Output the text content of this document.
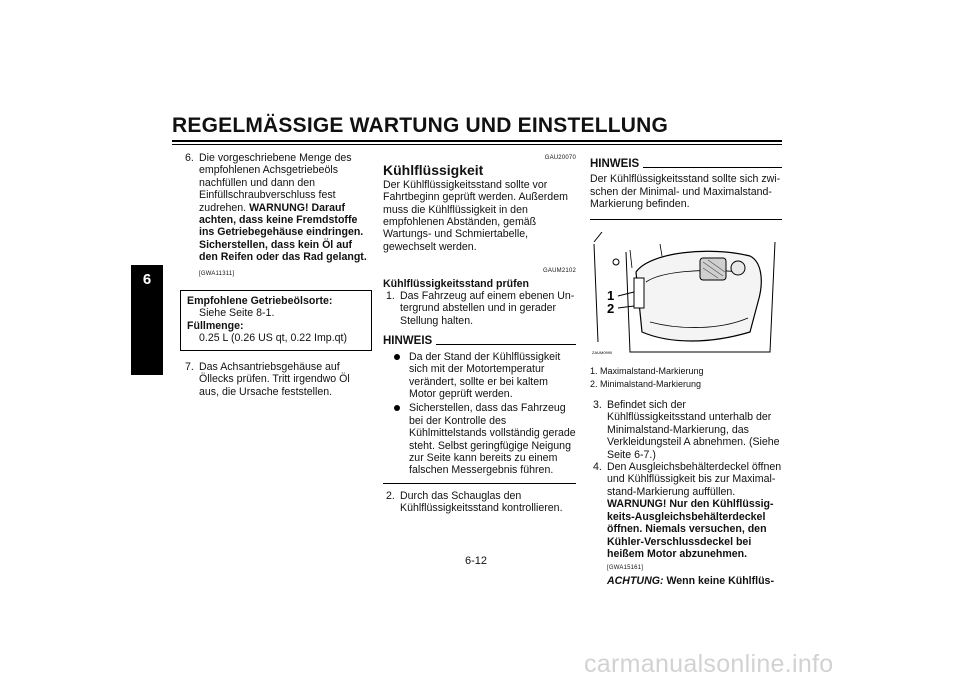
REGELMÄSSIGE WARTUNG UND EINSTELLUNG
6
6. Die vorgeschriebene Menge des empfohlenen Achsgetriebeöls nachfüllen und dann den Einfüllschraubverschluss fest zudrehen. WARNUNG! Darauf achten, dass keine Fremdstoffe ins Getriebegehäuse eindringen. Sicherstellen, dass kein Öl auf den Reifen oder das Rad gelangt.
[GWA11311]
Empfohlene Getriebeölsorte:
Siehe Seite 8-1.
Füllmenge:
0.25 L (0.26 US qt, 0.22 Imp.qt)
7. Das Achsantriebsgehäuse auf Öllecks prüfen. Tritt irgendwo Öl aus, die Ursache feststellen.
GAU20070
Kühlflüssigkeit
Der Kühlflüssigkeitsstand sollte vor Fahrtbeginn geprüft werden. Außerdem muss die Kühlflüssigkeit in den empfohlenen Abständen, gemäß Wartungs- und Schmiertabelle, gewechselt werden.
GAUM2102
Kühlflüssigkeitsstand prüfen
1. Das Fahrzeug auf einem ebenen Untergrund abstellen und in gerader Stellung halten.
HINWEIS
Da der Stand der Kühlflüssigkeit sich mit der Motortemperatur verändert, sollte er bei kaltem Motor geprüft werden.
Sicherstellen, dass das Fahrzeug bei der Kontrolle des Kühlmittelstands vollständig gerade steht. Selbst geringfügige Neigung zur Seite kann bereits zu einem falschen Messergebnis führen.
2. Durch das Schauglas den Kühlflüssigkeitsstand kontrollieren.
HINWEIS
Der Kühlflüssigkeitsstand sollte sich zwischen der Minimal- und Maximalstand-Markierung befinden.
1
2
ZAUM0990
1. Maximalstand-Markierung
2. Minimalstand-Markierung
3. Befindet sich der Kühlflüssigkeitsstand unterhalb der Minimalstand-Markierung, das Verkleidungsteil A abnehmen. (Siehe Seite 6-7.)
4. Den Ausgleichsbehälterdeckel öffnen und Kühlflüssigkeit bis zur Maximalstand-Markierung auffüllen. WARNUNG! Nur den Kühlflüssigkeits-Ausgleichsbehälterdeckel öffnen. Niemals versuchen, den Kühler-Verschlussdeckel bei heißem Motor abzunehmen. [GWA15161]
ACHTUNG: Wenn keine Kühlflüs-
6-12
carmanualsonline.info
